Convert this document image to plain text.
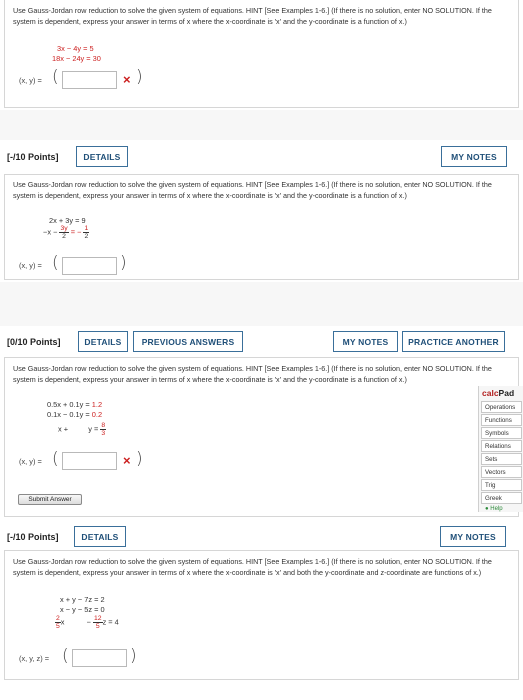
Use Gauss-Jordan row reduction to solve the given system of equations. HINT [See Examples 1-6.] (If there is no solution, enter NO SOLUTION. If the system is dependent, express your answer in terms of x where the x-coordinate is 'x' and the y-coordinate is a function of x.)
3x − 4y = 5
18x − 24y = 30
(x, y) = (	× )
[-/10 Points]	DETAILS	MY NOTES
Use Gauss-Jordan row reduction to solve the given system of equations. HINT [See Examples 1-6.] (If there is no solution, enter NO SOLUTION. If the system is dependent, express your answer in terms of x where the x-coordinate is 'x' and the y-coordinate is a function of x.)
2x + 3y = 9
$-x - \frac{3y}{2}$ = − $\frac{1}{2}$
(x, y) = (	)
[0/10 Points]	DETAILS	PREVIOUS ANSWERS	MY NOTES	PRACTICE ANOTHER
Use Gauss-Jordan row reduction to solve the given system of equations. HINT [See Examples 1-6.] (If there is no solution, enter NO SOLUTION. If the system is dependent, express your answer in terms of x where the x-coordinate is 'x' and the y-coordinate is a function of x.)
0.5x + 0.1y = 1.2
0.1x − 0.1y = 0.2
x +	$y = \frac{8}{3}$
(x, y) = (	× )
Submit Answer
calcPad
Operations
Functions
Symbols
Relations
Sets
Vectors
Trig
Greek
● Help
[-/10 Points]	DETAILS	MY NOTES
Use Gauss-Jordan row reduction to solve the given system of equations. HINT [See Examples 1-6.] (If there is no solution, enter NO SOLUTION. If the system is dependent, express your answer in terms of x where the x-coordinate is 'x' and both the y-coordinate and z-coordinate are functions of x.)
x + y − 7z = 2
x − y − 5z = 0
$\frac{2}{5}$ x	− $\frac{12}{5}$ z = 4
(x, y, z) = (	)
